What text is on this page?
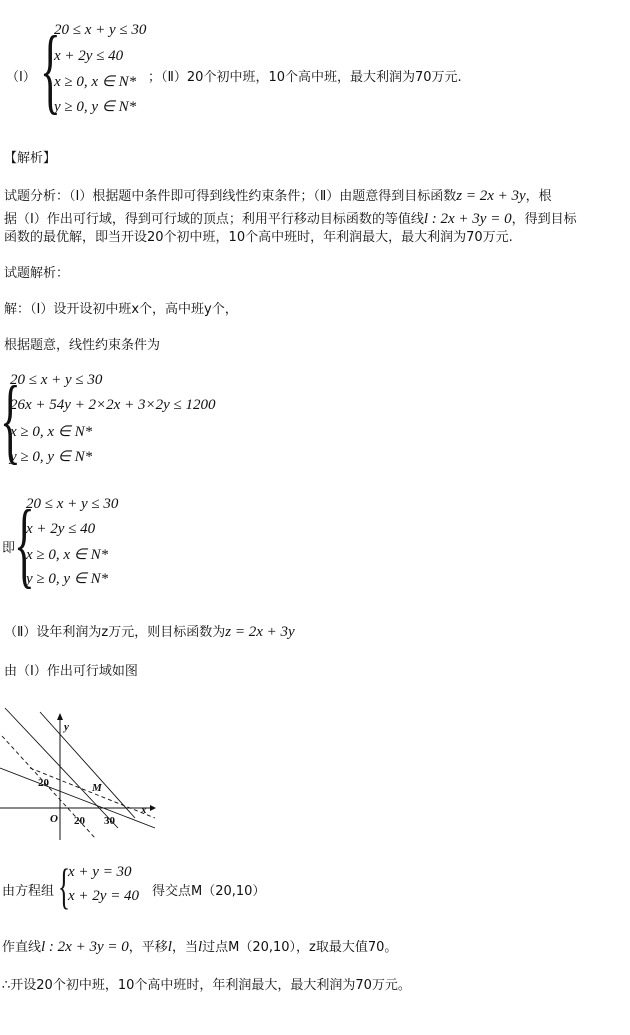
（Ⅰ） {
20 ≤ x + y ≤ 30
x + 2y ≤ 40
x ≥ 0, x ∈ N*
y ≥ 0, y ∈ N*
；（Ⅱ）20个初中班，10个高中班，最大利润为70万元.
【解析】
试题分析：（Ⅰ）根据题中条件即可得到线性约束条件；（Ⅱ）由题意得到目标函数z = 2x + 3y，根
据（Ⅰ）作出可行域，得到可行域的顶点；利用平行移动目标函数的等值线l : 2x + 3y = 0，得到目标
函数的最优解，即当开设20个初中班，10个高中班时，年利润最大，最大利润为70万元.
试题解析：
解：（Ⅰ）设开设初中班x个，高中班y个，
根据题意，线性约束条件为
{
20 ≤ x + y ≤ 30
26x + 54y + 2×2x + 3×2y ≤ 1200
x ≥ 0, x ∈ N*
y ≥ 0, y ∈ N*
即
{
20 ≤ x + y ≤ 30
x + 2y ≤ 40
x ≥ 0, x ∈ N*
y ≥ 0, y ∈ N*
（Ⅱ）设年利润为z万元，则目标函数为z = 2x + 3y
由（Ⅰ）作出可行域如图
y
x
O
M
20
20 30
由方程组 {
x + y = 30
x + 2y = 40 得交点M（20,10）
作直线l : 2x + 3y = 0，平移l，当l过点M（20,10），z取最大值70。
∴开设20个初中班，10个高中班时，年利润最大，最大利润为70万元。
